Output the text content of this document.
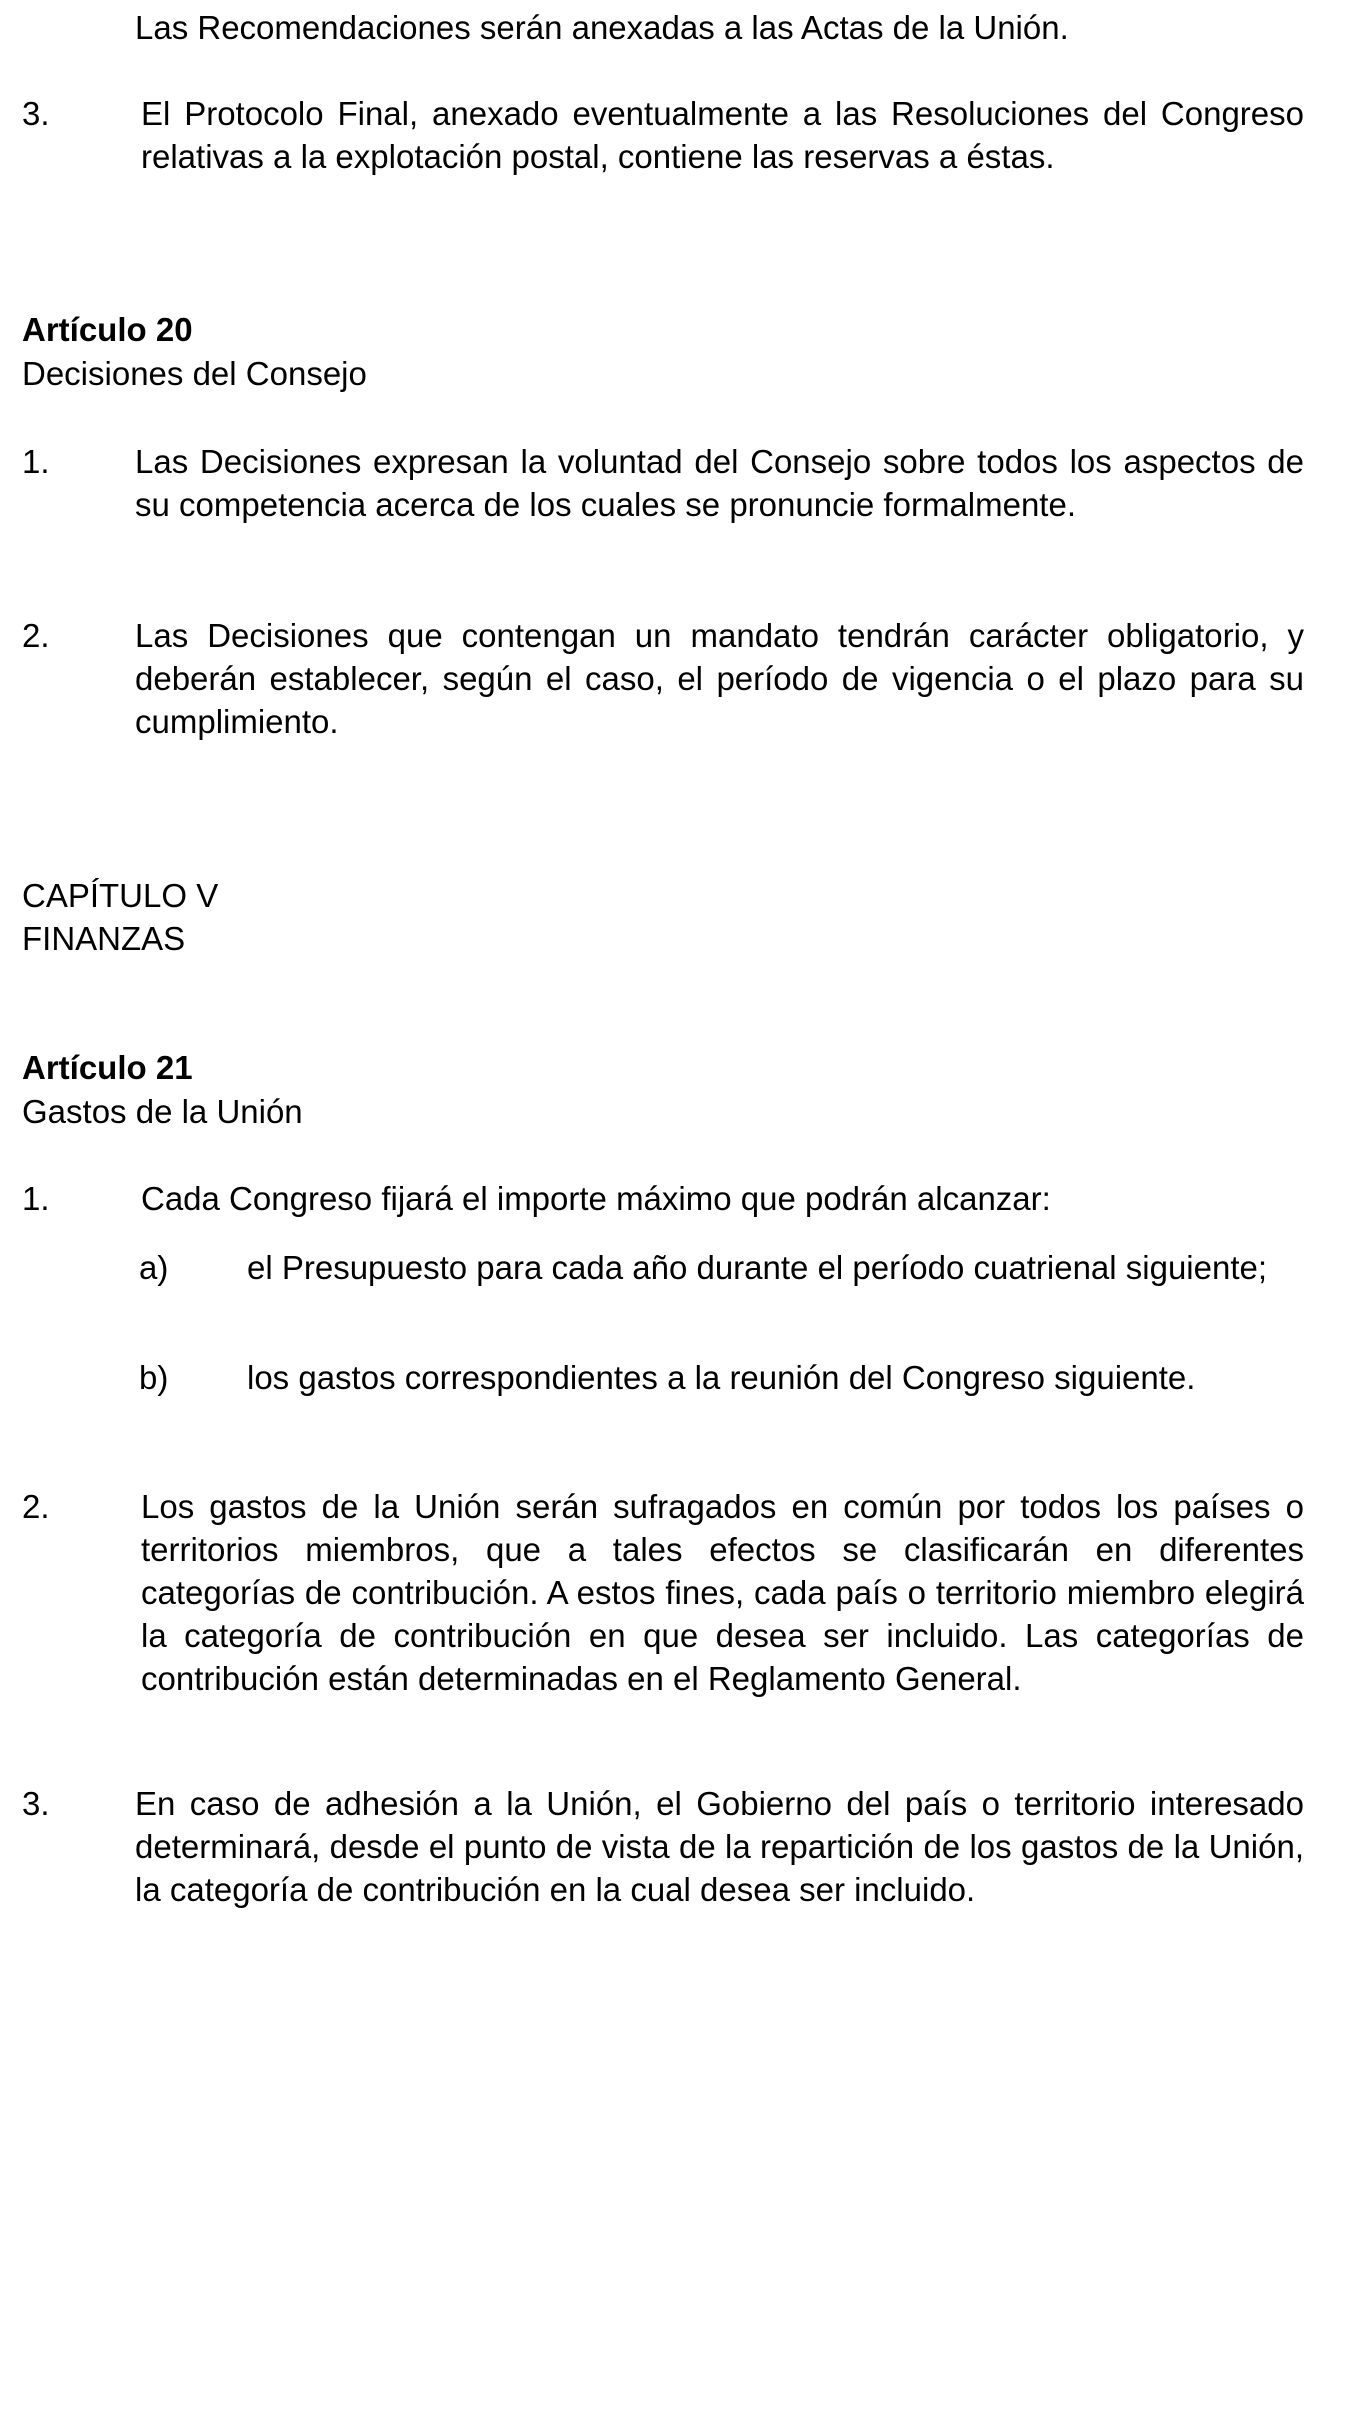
Las Recomendaciones serán anexadas a las Actas de la Unión.

3.	El Protocolo Final, anexado eventualmente a las Resoluciones del Congreso relativas a la explotación postal, contiene las reservas a éstas.

Artículo 20
Decisiones del Consejo
1.	Las Decisiones expresan la voluntad del Consejo sobre todos los aspectos de su competencia acerca de los cuales se pronuncie formalmente.

2.	Las Decisiones que contengan un mandato tendrán carácter obligatorio, y deberán establecer, según el caso, el período de vigencia o el plazo para su cumplimiento.

CAPÍTULO V
FINANZAS
Artículo 21
Gastos de la Unión
1.	Cada Congreso fijará el importe máximo que podrán alcanzar:

a) el Presupuesto para cada año durante el período cuatrienal siguiente;

b) los gastos correspondientes a la reunión del Congreso siguiente.

2.	Los gastos de la Unión serán sufragados en común por todos los países o territorios miembros, que a tales efectos se clasificarán en diferentes categorías de contribución. A estos fines, cada país o territorio miembro elegirá la categoría de contribución en que desea ser incluido. Las categorías de contribución están determinadas en el Reglamento General.

3.	En caso de adhesión a la Unión, el Gobierno del país o territorio interesado determinará, desde el punto de vista de la repartición de los gastos de la Unión, la categoría de contribución en la cual desea ser incluido.
